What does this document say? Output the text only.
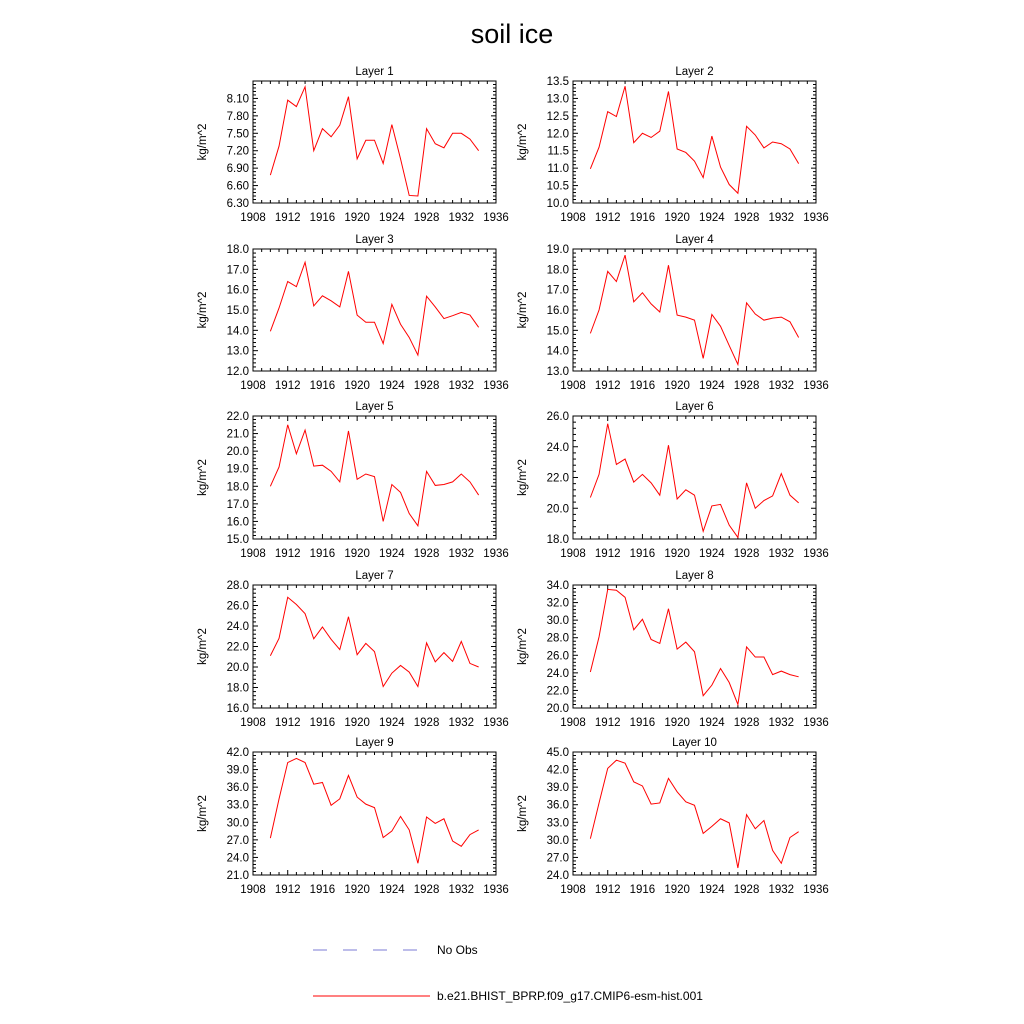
soil ice
Layer 1
1908 1912 1916 1920 1924 1928 1932 1936
6.30
6.60
6.90
7.20
7.50
7.80
8.10
kg/m^2
Layer 2
1908 1912 1916 1920 1924 1928 1932 1936
10.0
10.5
11.0
11.5
12.0
12.5
13.0
13.5
kg/m^2
Layer 3
1908 1912 1916 1920 1924 1928 1932 1936
12.0
13.0
14.0
15.0
16.0
17.0
18.0
kg/m^2
Layer 4
1908 1912 1916 1920 1924 1928 1932 1936
13.0
14.0
15.0
16.0
17.0
18.0
19.0
kg/m^2
Layer 5
1908 1912 1916 1920 1924 1928 1932 1936
15.0
16.0
17.0
18.0
19.0
20.0
21.0
22.0
kg/m^2
Layer 6
1908 1912 1916 1920 1924 1928 1932 1936
18.0
20.0
22.0
24.0
26.0
kg/m^2
Layer 7
1908 1912 1916 1920 1924 1928 1932 1936
16.0
18.0
20.0
22.0
24.0
26.0
28.0
kg/m^2
Layer 8
1908 1912 1916 1920 1924 1928 1932 1936
20.0
22.0
24.0
26.0
28.0
30.0
32.0
34.0
kg/m^2
Layer 9
1908 1912 1916 1920 1924 1928 1932 1936
21.0
24.0
27.0
30.0
33.0
36.0
39.0
42.0
kg/m^2
Layer 10
1908 1912 1916 1920 1924 1928 1932 1936
24.0
27.0
30.0
33.0
36.0
39.0
42.0
45.0
kg/m^2
No Obs
b.e21.BHIST_BPRP.f09_g17.CMIP6-esm-hist.001
